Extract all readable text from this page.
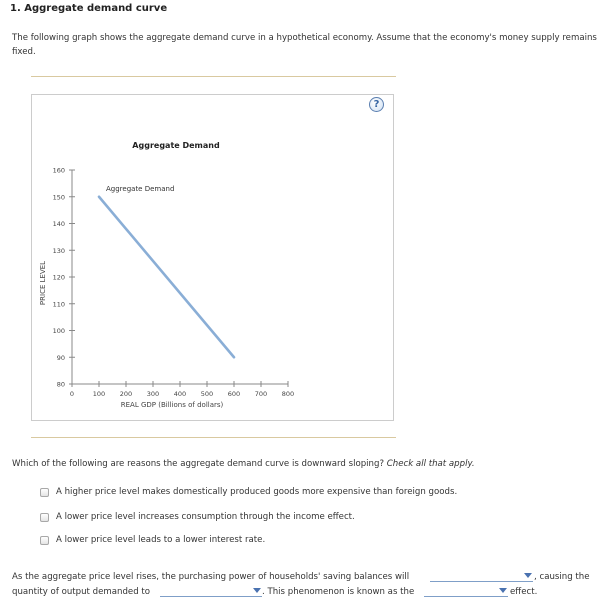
1. Aggregate demand curve
The following graph shows the aggregate demand curve in a hypothetical economy. Assume that the economy's money supply remains fixed.
?
Aggregate Demand
80
90
100
110
120
130
140
150
160
0	100 200 300 400 500 600 700 800
PRICE LEVEL
REAL GDP (Billions of dollars)
Aggregate Demand
Which of the following are reasons the aggregate demand curve is downward sloping? Check all that apply.
A higher price level makes domestically produced goods more expensive than foreign goods.
A lower price level increases consumption through the income effect.
A lower price level leads to a lower interest rate.
As the aggregate price level rises, the purchasing power of households' saving balances will	, causing the
quantity of output demanded to	. This phenomenon is known as the	effect.
